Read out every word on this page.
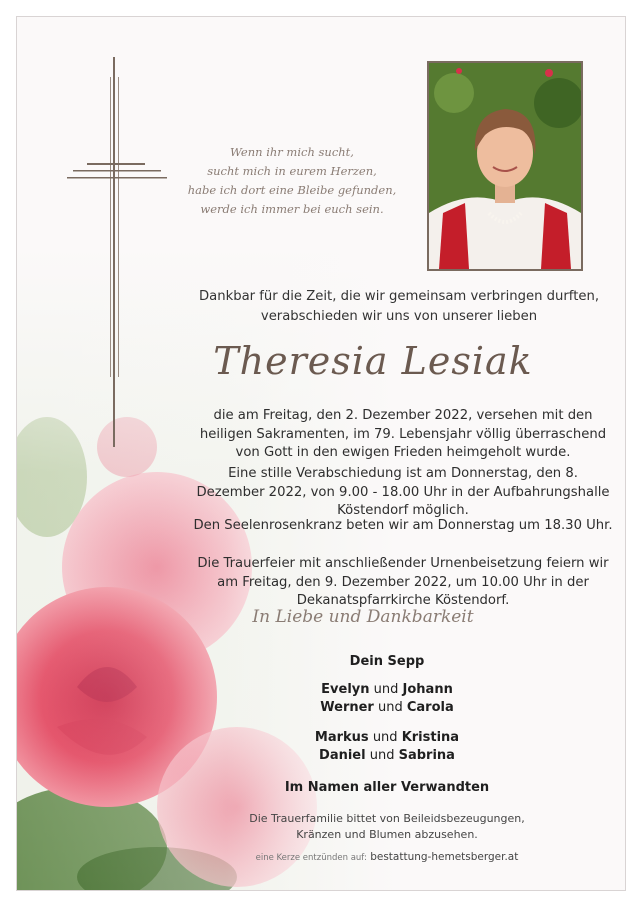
Wenn ihr mich sucht,
sucht mich in eurem Herzen,
habe ich dort eine Bleibe gefunden,
werde ich immer bei euch sein.
Dankbar für die Zeit, die wir gemeinsam verbringen durften,
verabschieden wir uns von unserer lieben
Theresia Lesiak
die am Freitag, den 2. Dezember 2022, versehen mit den heiligen Sakramenten, im 79. Lebensjahr völlig überraschend von Gott in den ewigen Frieden heimgeholt wurde.
Eine stille Verabschiedung ist am Donnerstag, den 8. Dezember 2022, von 9.00 - 18.00 Uhr in der Aufbahrungshalle Köstendorf möglich.
Den Seelenrosenkranz beten wir am Donnerstag um 18.30 Uhr.
Die Trauerfeier mit anschließender Urnenbeisetzung feiern wir am Freitag, den 9. Dezember 2022, um 10.00 Uhr in der Dekanatspfarrkirche Köstendorf.
In Liebe und Dankbarkeit
Dein Sepp
Evelyn und Johann
Werner und Carola
Markus und Kristina
Daniel und Sabrina
Im Namen aller Verwandten
Die Trauerfamilie bittet von Beileidsbezeugungen,
Kränzen und Blumen abzusehen.
eine Kerze entzünden auf: bestattung-hemetsberger.at
